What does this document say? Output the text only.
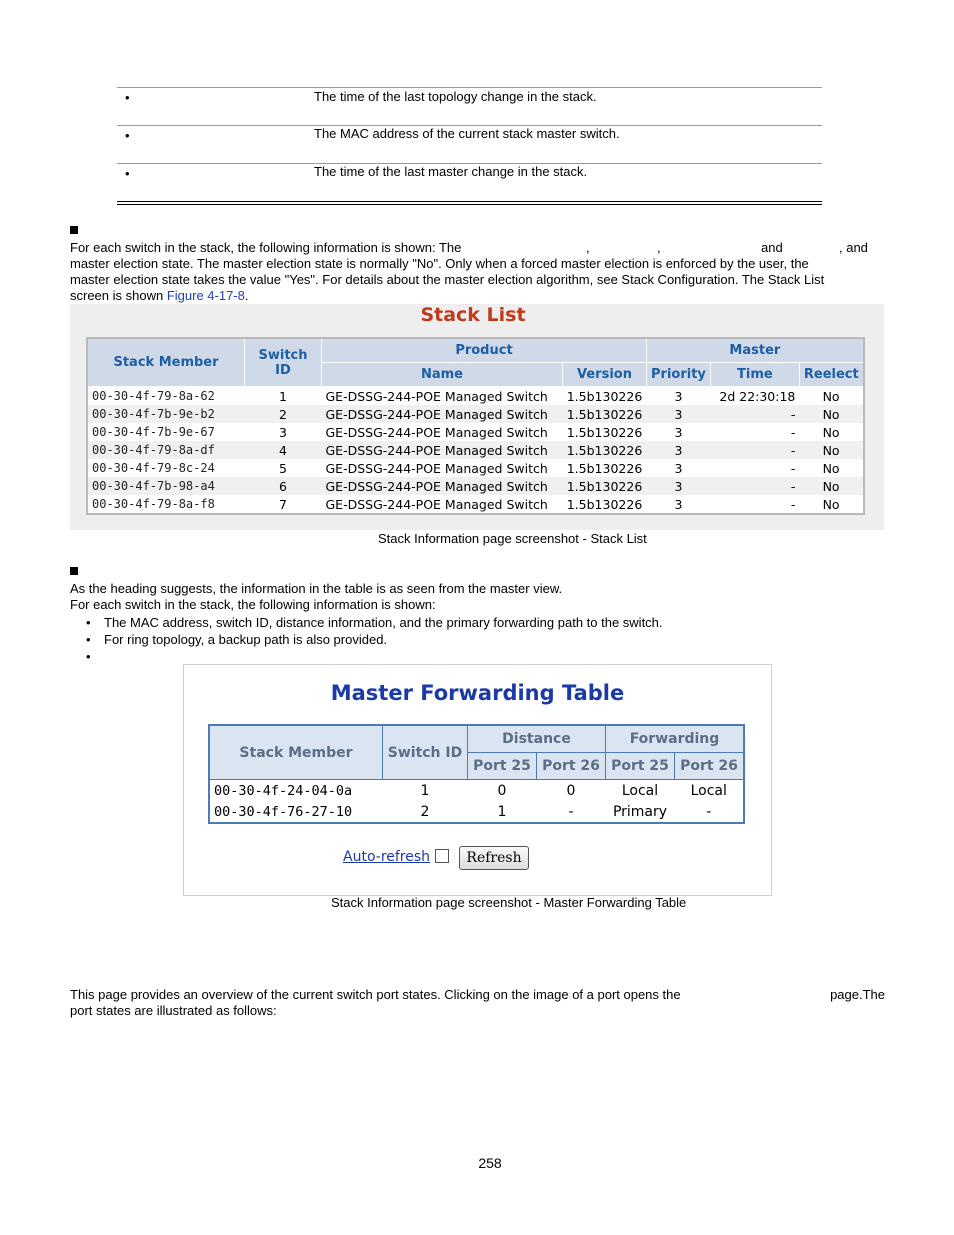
•	The time of the last topology change in the stack.
•	The MAC address of the current stack master switch.
•	The time of the last master change in the stack.
For each switch in the stack, the following information is shown: The	,	,	and	, and
master election state. The master election state is normally "No". Only when a forced master election is enforced by the user, the
master election state takes the value "Yes". For details about the master election algorithm, see Stack Configuration. The Stack List
screen is shown Figure 4-17-8.
Stack List
Stack Member	Switch ID	Product		Master		
		Name	Version	Priority	Time	Reelect
00-30-4f-79-8a-62	1	GE-DSSG-244-POE Managed Switch	1.5b130226	3	2d 22:30:18	No
00-30-4f-7b-9e-b2	2	GE-DSSG-244-POE Managed Switch	1.5b130226	3	-	No
00-30-4f-7b-9e-67	3	GE-DSSG-244-POE Managed Switch	1.5b130226	3	-	No
00-30-4f-79-8a-df	4	GE-DSSG-244-POE Managed Switch	1.5b130226	3	-	No
00-30-4f-79-8c-24	5	GE-DSSG-244-POE Managed Switch	1.5b130226	3	-	No
00-30-4f-7b-98-a4	6	GE-DSSG-244-POE Managed Switch	1.5b130226	3	-	No
00-30-4f-79-8a-f8	7	GE-DSSG-244-POE Managed Switch	1.5b130226	3	-	No
Stack Information page screenshot - Stack List
As the heading suggests, the information in the table is as seen from the master view.
For each switch in the stack, the following information is shown:
• The MAC address, switch ID, distance information, and the primary forwarding path to the switch.
• For ring topology, a backup path is also provided.
•
Master Forwarding Table
Stack Member	Switch ID	Distance		Forwarding	
		Port 25	Port 26	Port 25	Port 26
00-30-4f-24-04-0a	1	0	0	Local	Local
00-30-4f-76-27-10	2	1	-	Primary	-
Auto-refresh	Refresh
Stack Information page screenshot - Master Forwarding Table
This page provides an overview of the current switch port states. Clicking on the image of a port opens the	page.The
port states are illustrated as follows:
258
